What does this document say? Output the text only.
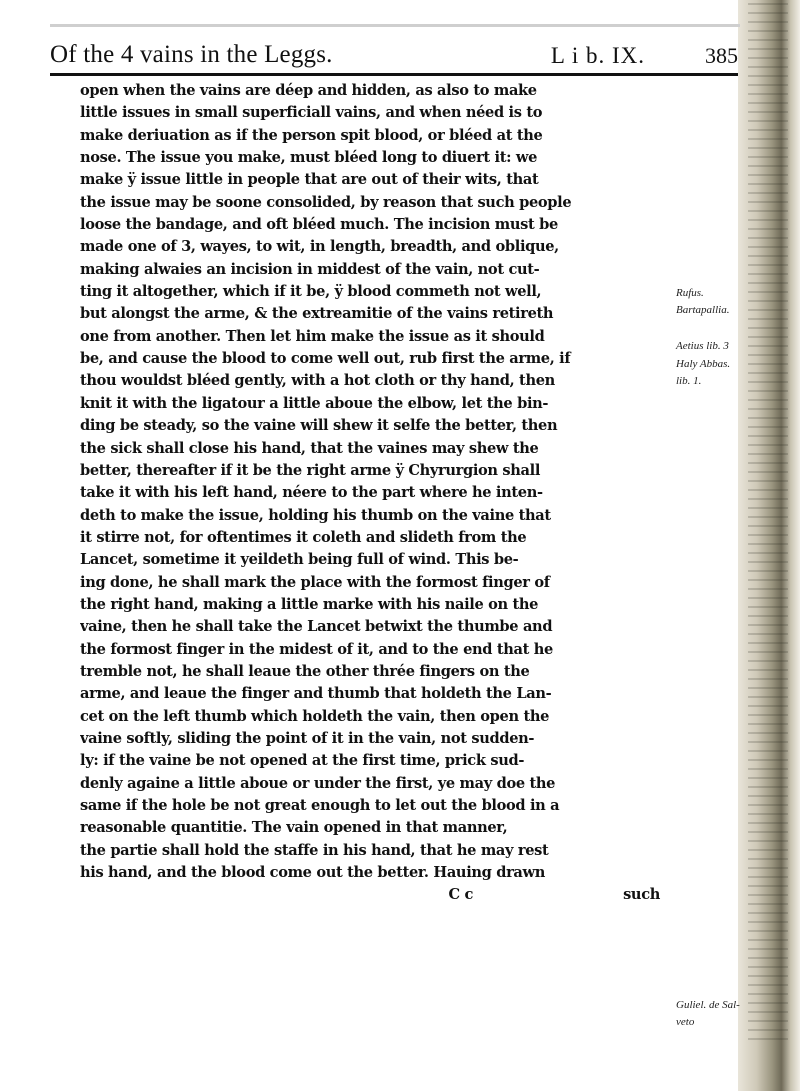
Of the 4 vains in the Leggs.	L i b. IX.	385
open when the vains are déep and hidden, as also to make
little issues in small superficiall vains, and when néed is to
make deriuation as if the person spit blood, or bléed at the
nose. The issue you make, must bléed long to diuert it: we
make ÿ issue little in people that are out of their wits, that
the issue may be soone consolided, by reason that such people
loose the bandage, and oft bléed much. The incision must be
made one of 3, wayes, to wit, in length, breadth, and oblique,
making alwaies an incision in middest of the vain, not cut-
ting it altogether, which if it be, ÿ blood commeth not well,
but alongst the arme, & the extreamitie of the vains retireth
one from another. Then let him make the issue as it should
be, and cause the blood to come well out, rub first the arme, if
thou wouldst bléed gently, with a hot cloth or thy hand, then
knit it with the ligatour a little aboue the elbow, let the bin-
ding be steady, so the vaine will shew it selfe the better, then
the sick shall close his hand, that the vaines may shew the
better, thereafter if it be the right arme ÿ Chyrurgion shall
take it with his left hand, néere to the part where he inten-
deth to make the issue, holding his thumb on the vaine that
it stirre not, for oftentimes it coleth and slideth from the
Lancet, sometime it yeildeth being full of wind. This be-
ing done, he shall mark the place with the formost finger of
the right hand, making a little marke with his naile on the
vaine, then he shall take the Lancet betwixt the thumbe and
the formost finger in the midest of it, and to the end that he
tremble not, he shall leaue the other thrée fingers on the
arme, and leaue the finger and thumb that holdeth the Lan-
cet on the left thumb which holdeth the vain, then open the
vaine softly, sliding the point of it in the vain, not sudden-
ly: if the vaine be not opened at the first time, prick sud-
denly againe a little aboue or under the first, ye may doe the
same if the hole be not great enough to let out the blood in a
reasonable quantitie. The vain opened in that manner,
the partie shall hold the staffe in his hand, that he may rest
his hand, and the blood come out the better. Hauing drawn
C c	such
Rufus.
Bartapallia.
Aetius lib. 3
Haly Abbas.
lib. 1.
Guliel. de Sal-
veto
